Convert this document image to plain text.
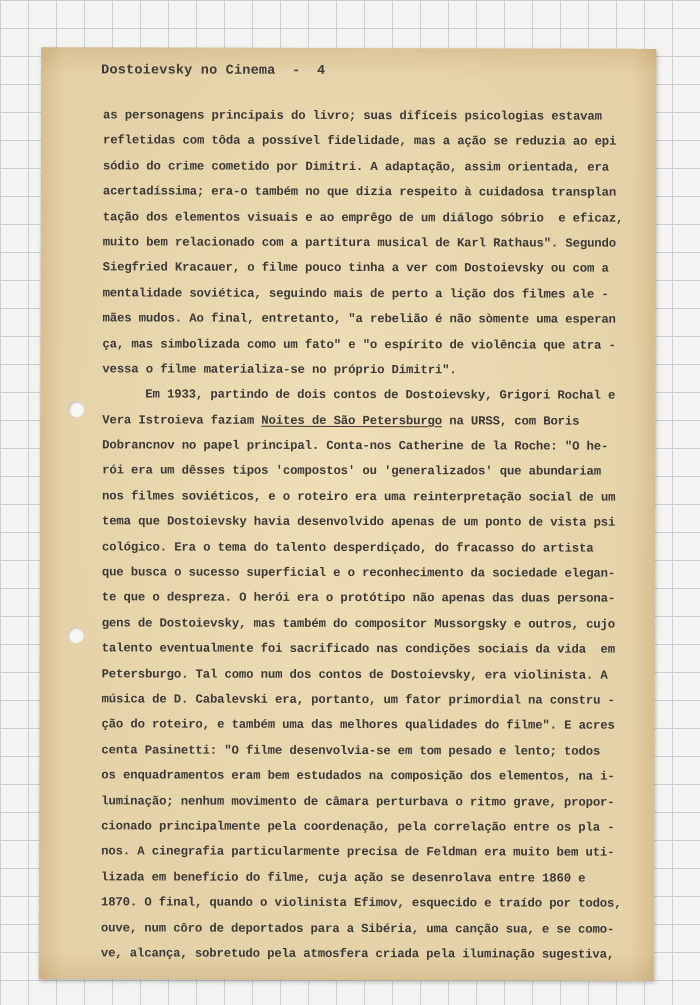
Dostoievsky no Cinema  -  4
as personagens principais do livro; suas difíceis psicologias estavam
refletidas com tôda a possível fidelidade, mas a ação se reduzia ao epi
sódio do crime cometido por Dimitri. A adaptação, assim orientada, era
acertadíssima; era-o também no que dizia respeito à cuidadosa transplan
tação dos elementos visuais e ao emprêgo de um diálogo sóbrio  e eficaz,
muito bem relacionado com a partitura musical de Karl Rathaus". Segundo
Siegfried Kracauer, o filme pouco tinha a ver com Dostoievsky ou com a
mentalidade soviética, seguindo mais de perto a lição dos filmes ale -
mães mudos. Ao final, entretanto, "a rebelião é não sòmente uma esperan
ça, mas simbolizada como um fato" e "o espírito de violência que atra -
vessa o filme materializa-se no próprio Dimitri".
Em 1933, partindo de dois contos de Dostoievsky, Grigori Rochal e
Vera Istroieva faziam Noites de São Petersburgo na URSS, com Boris
Dobrancnov no papel principal. Conta-nos Catherine de la Roche: "O he-
rói era um dêsses tipos 'compostos' ou 'generalizados' que abundariam
nos filmes soviéticos, e o roteiro era uma reinterpretação social de um
tema que Dostoievsky havia desenvolvido apenas de um ponto de vista psi
cológico. Era o tema do talento desperdiçado, do fracasso do artista
que busca o sucesso superficial e o reconhecimento da sociedade elegan-
te que o despreza. O herói era o protótipo não apenas das duas persona-
gens de Dostoievsky, mas também do compositor Mussorgsky e outros, cujo
talento eventualmente foi sacrificado nas condições sociais da vida  em
Petersburgo. Tal como num dos contos de Dostoievsky, era violinista. A
música de D. Cabalevski era, portanto, um fator primordial na constru -
ção do roteiro, e também uma das melhores qualidades do filme". E acres
centa Pasinetti: "O filme desenvolvia-se em tom pesado e lento; todos
os enquadramentos eram bem estudados na composição dos elementos, na i-
luminação; nenhum movimento de câmara perturbava o ritmo grave, propor-
cionado principalmente pela coordenação, pela correlação entre os pla -
nos. A cinegrafia particularmente precisa de Feldman era muito bem uti-
lizada em benefício do filme, cuja ação se desenrolava entre 1860 e
1870. O final, quando o violinista Efimov, esquecido e traído por todos,
ouve, num côro de deportados para a Sibéria, uma canção sua, e se como-
ve, alcança, sobretudo pela atmosfera criada pela iluminação sugestiva,
